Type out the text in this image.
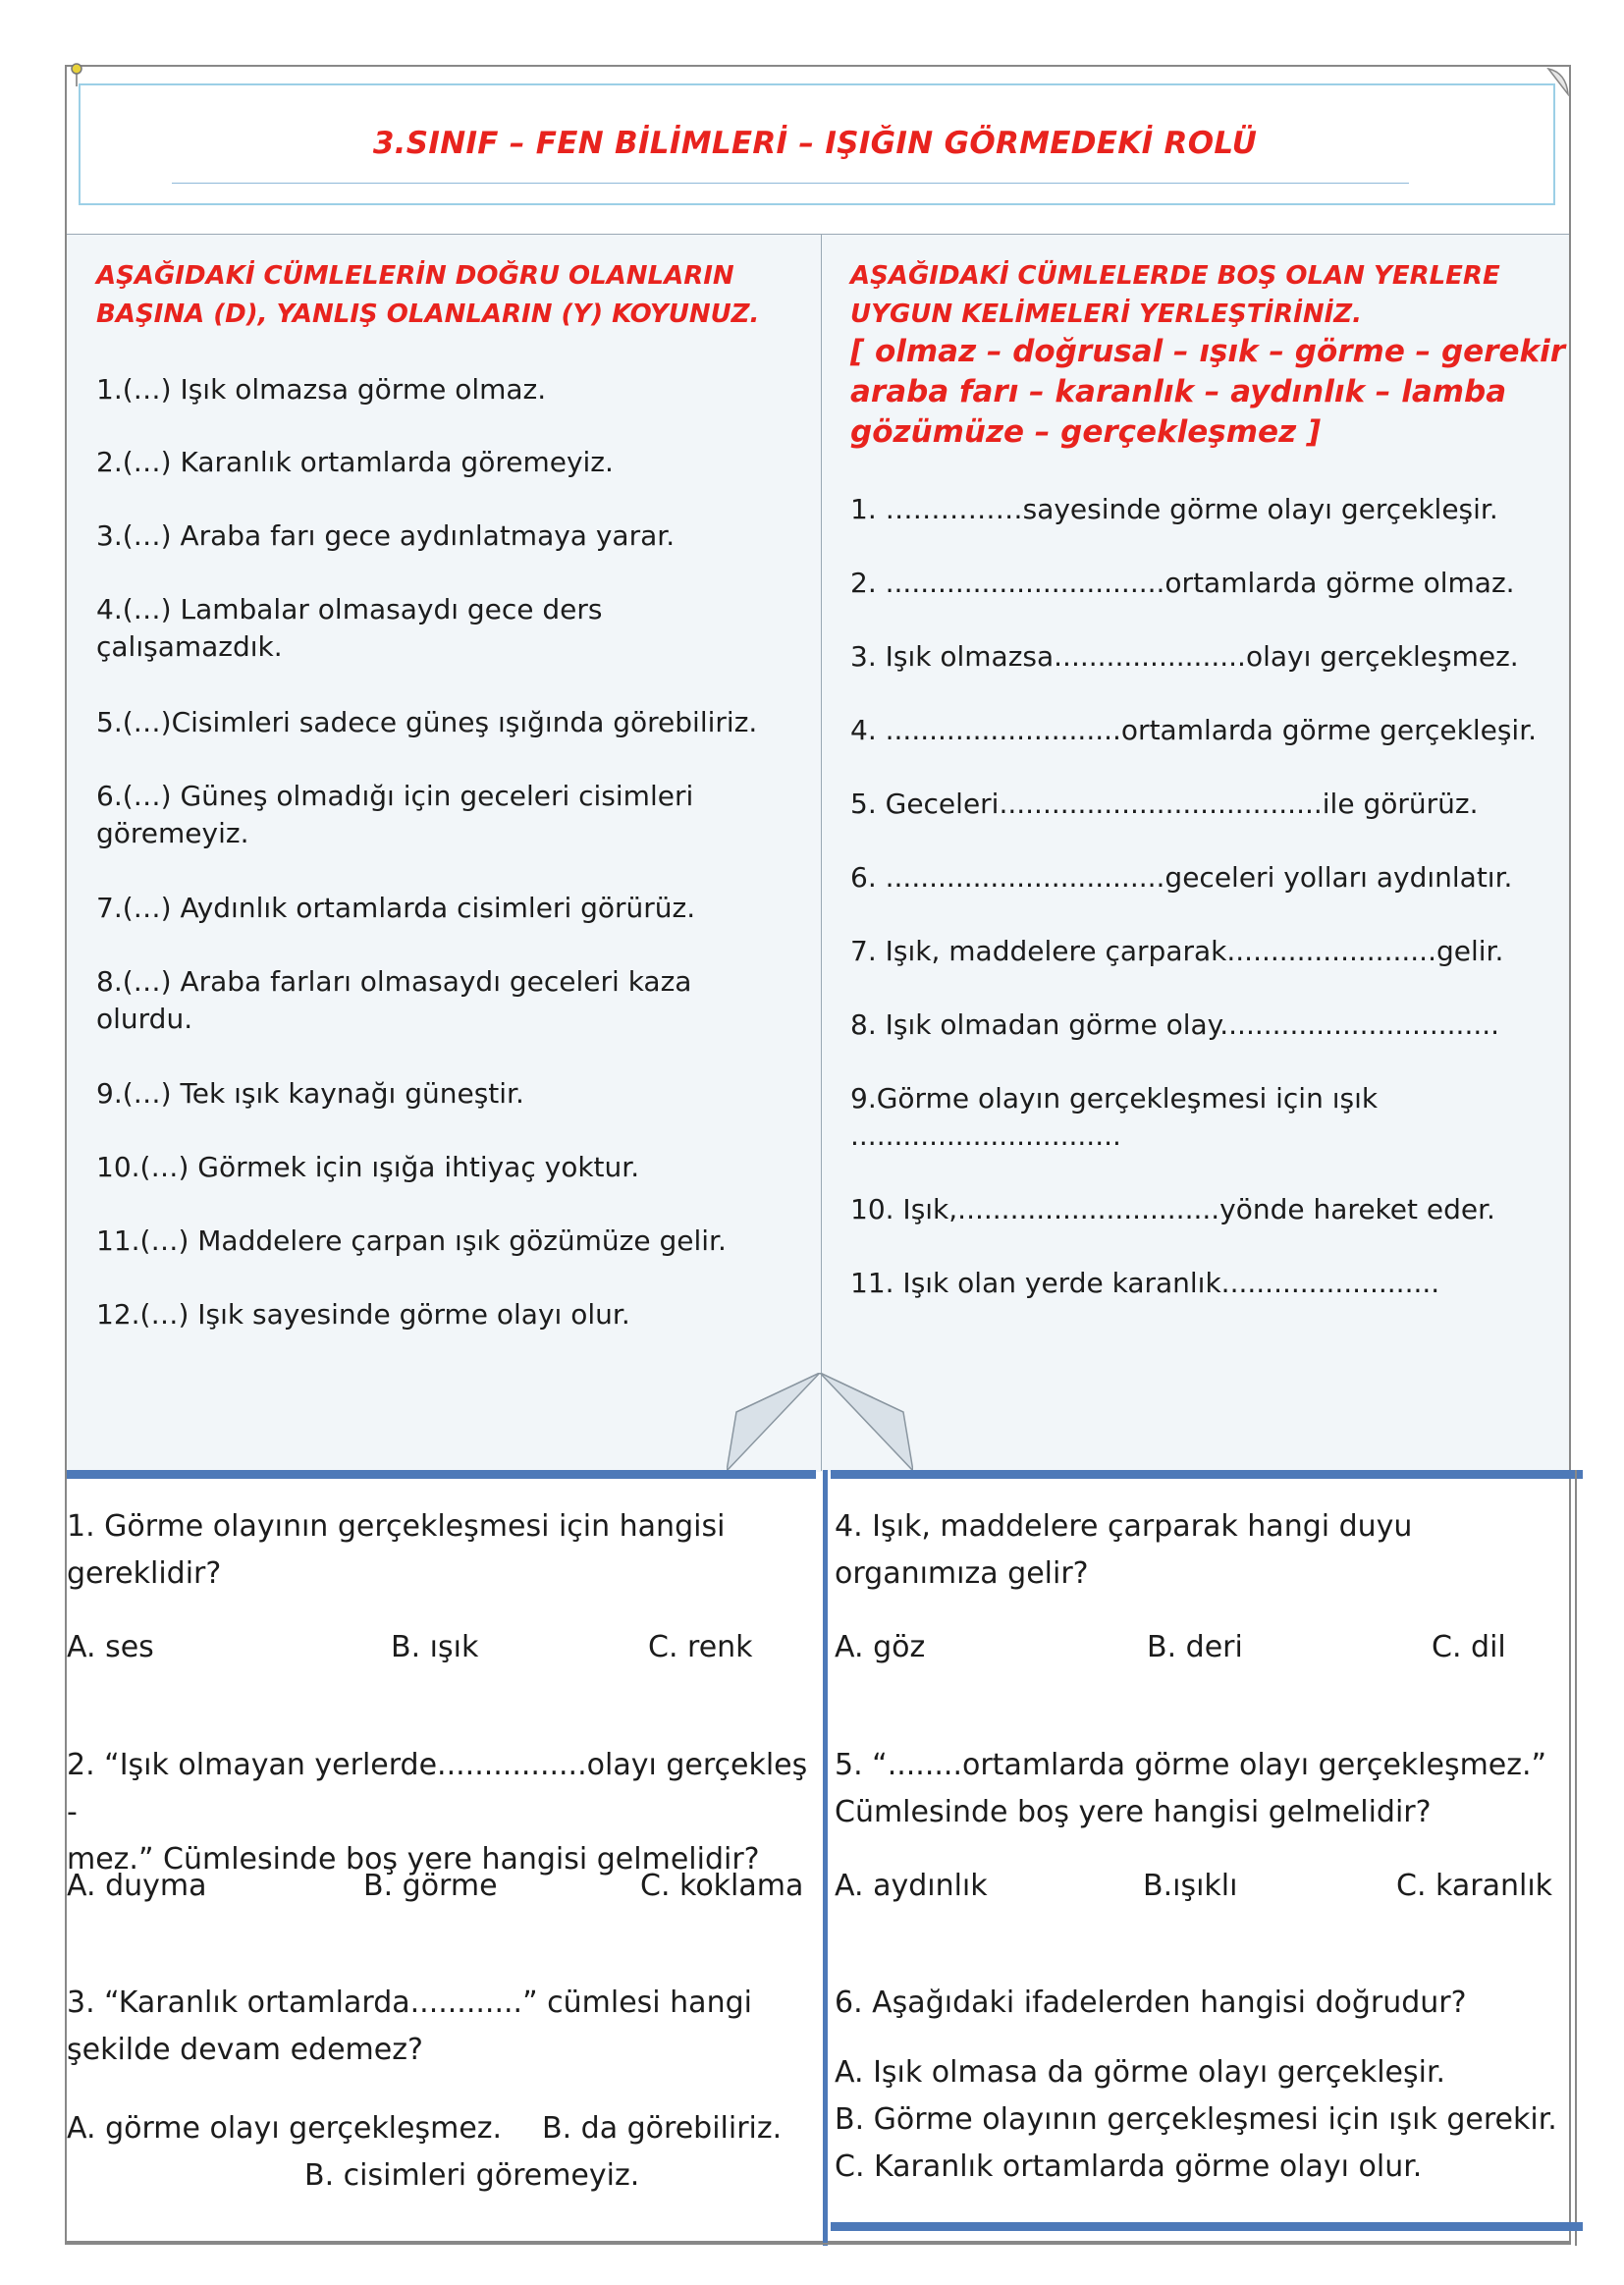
3.SINIF – FEN BİLİMLERİ – IŞIĞIN GÖRMEDEKİ ROLÜ
AŞAĞIDAKİ CÜMLELERİN DOĞRU OLANLARIN
BAŞINA (D), YANLIŞ OLANLARIN (Y) KOYUNUZ.
1.(…) Işık olmazsa görme olmaz.
2.(…) Karanlık ortamlarda göremeyiz.
3.(…) Araba farı gece aydınlatmaya yarar.
4.(…) Lambalar olmasaydı gece ders
çalışamazdık.
5.(…)Cisimleri sadece güneş ışığında görebiliriz.
6.(…) Güneş olmadığı için geceleri cisimleri
göremeyiz.
7.(…) Aydınlık ortamlarda cisimleri görürüz.
8.(…) Araba farları olmasaydı geceleri kaza
olurdu.
9.(…) Tek ışık kaynağı güneştir.
10.(…) Görmek için ışığa ihtiyaç yoktur.
11.(…) Maddelere çarpan ışık gözümüze gelir.
12.(…) Işık sayesinde görme olayı olur.
AŞAĞIDAKİ CÜMLELERDE BOŞ OLAN YERLERE
UYGUN KELİMELERİ YERLEŞTİRİNİZ.
[ olmaz – doğrusal – ışık – görme – gerekir
araba farı – karanlık – aydınlık – lamba
gözümüze – gerçekleşmez ]
1. ……………sayesinde görme olayı gerçekleşir.
2. ................................ortamlarda görme olmaz.
3. Işık olmazsa......................olayı gerçekleşmez.
4. ...........................ortamlarda görme gerçekleşir.
5. Geceleri.....................................ile görürüz.
6. ................................geceleri yolları aydınlatır.
7. Işık, maddelere çarparak........................gelir.
8. Işık olmadan görme olay................................
9.Görme olayın gerçekleşmesi için ışık
...............................
10. Işık,..............................yönde hareket eder.
11. Işık olan yerde karanlık.........................
1. Görme olayının gerçekleşmesi için hangisi
gereklidir?
A. ses	B. ışık	C. renk
2. “Işık olmayan yerlerde................olayı gerçekleş -
mez.” Cümlesinde boş yere hangisi gelmelidir?
A. duyma	B. görme	C. koklama
3. “Karanlık ortamlarda............” cümlesi hangi
şekilde devam edemez?
A. görme olayı gerçekleşmez. B. da görebiliriz.
B. cisimleri göremeyiz.
4. Işık, maddelere çarparak hangi duyu
organımıza gelir?
A. göz	B. deri	C. dil
5. “........ortamlarda görme olayı gerçekleşmez.”
Cümlesinde boş yere hangisi gelmelidir?
A. aydınlık	B.ışıklı	C. karanlık
6. Aşağıdaki ifadelerden hangisi doğrudur?
A. Işık olmasa da görme olayı gerçekleşir.
B. Görme olayının gerçekleşmesi için ışık gerekir.
C. Karanlık ortamlarda görme olayı olur.
